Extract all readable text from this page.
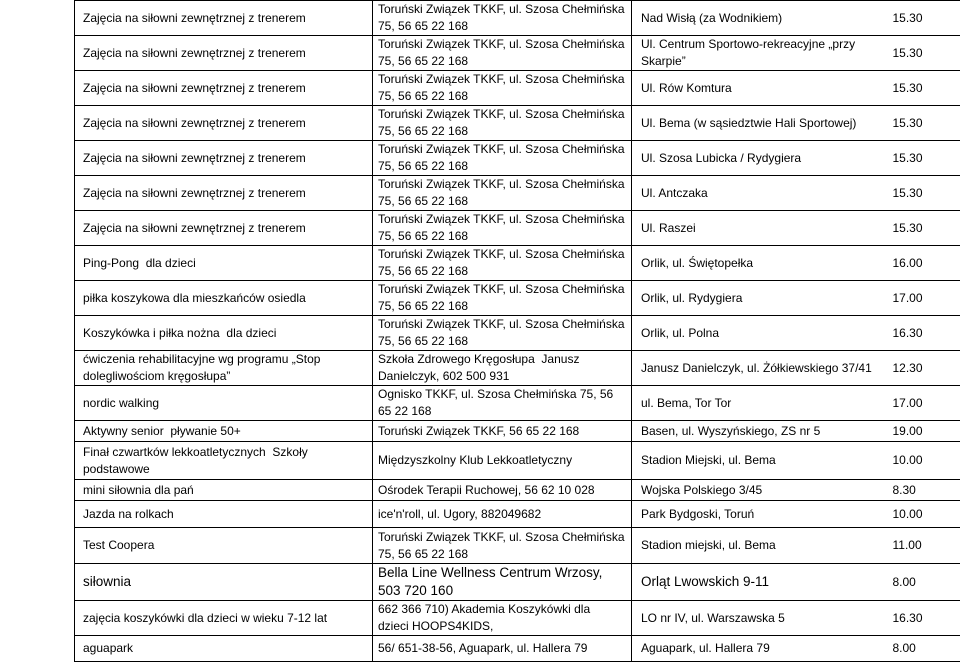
Zajęcia na siłowni zewnętrznej z trenerem	Toruński Związek TKKF, ul. Szosa Chełmińska
75, 56 65 22 168	Nad Wisłą (za Wodnikiem)	15.30

Zajęcia na siłowni zewnętrznej z trenerem	Toruński Związek TKKF, ul. Szosa Chełmińska
75, 56 65 22 168	Ul. Centrum Sportowo-rekreacyjne „przy
Skarpie”	15.30

Zajęcia na siłowni zewnętrznej z trenerem	Toruński Związek TKKF, ul. Szosa Chełmińska
75, 56 65 22 168	Ul. Rów Komtura	15.30

Zajęcia na siłowni zewnętrznej z trenerem	Toruński Związek TKKF, ul. Szosa Chełmińska
75, 56 65 22 168	Ul. Bema (w sąsiedztwie Hali Sportowej)	15.30

Zajęcia na siłowni zewnętrznej z trenerem	Toruński Związek TKKF, ul. Szosa Chełmińska
75, 56 65 22 168	Ul. Szosa Lubicka / Rydygiera	15.30

Zajęcia na siłowni zewnętrznej z trenerem	Toruński Związek TKKF, ul. Szosa Chełmińska
75, 56 65 22 168	Ul. Antczaka	15.30

Zajęcia na siłowni zewnętrznej z trenerem	Toruński Związek TKKF, ul. Szosa Chełmińska
75, 56 65 22 168	Ul. Raszei	15.30

Ping-Pong  dla dzieci	Toruński Związek TKKF, ul. Szosa Chełmińska
75, 56 65 22 168	Orlik, ul. Świętopełka	16.00

piłka koszykowa dla mieszkańców osiedla	Toruński Związek TKKF, ul. Szosa Chełmińska
75, 56 65 22 168	Orlik, ul. Rydygiera	17.00

Koszykówka i piłka nożna  dla dzieci	Toruński Związek TKKF, ul. Szosa Chełmińska
75, 56 65 22 168	Orlik, ul. Polna	16.30

ćwiczenia rehabilitacyjne wg programu „Stop
dolegliwościom kręgosłupa”	Szkoła Zdrowego Kręgosłupa  Janusz
Danielczyk, 602 500 931	Janusz Danielczyk, ul. Żółkiewskiego 37/41	12.30

nordic walking	Ognisko TKKF, ul. Szosa Chełmińska 75, 56
65 22 168	ul. Bema, Tor Tor	17.00

Aktywny senior  pływanie 50+	Toruński Związek TKKF, 56 65 22 168	Basen, ul. Wyszyńskiego, ZS nr 5	19.00

Finał czwartków lekkoatletycznych  Szkoły
podstawowe	Międzyszkolny Klub Lekkoatletyczny	Stadion Miejski, ul. Bema	10.00

mini siłownia dla pań	Ośrodek Terapii Ruchowej, 56 62 10 028	Wojska Polskiego 3/45	8.30

Jazda na rolkach	ice'n'roll, ul. Ugory, 882049682	Park Bydgoski, Toruń	10.00

Test Coopera	Toruński Związek TKKF, ul. Szosa Chełmińska
75, 56 65 22 168	Stadion miejski, ul. Bema	11.00

siłownia	Bella Line Wellness Centrum Wrzosy,
503 720 160	Orląt Lwowskich 9-11	8.00

zajęcia koszykówki dla dzieci w wieku 7-12 lat	662 366 710) Akademia Koszykówki dla
dzieci HOOPS4KIDS,	LO nr IV, ul. Warszawska 5	16.30

aguapark	56/ 651-38-56, Aguapark, ul. Hallera 79	Aguapark, ul. Hallera 79	8.00
